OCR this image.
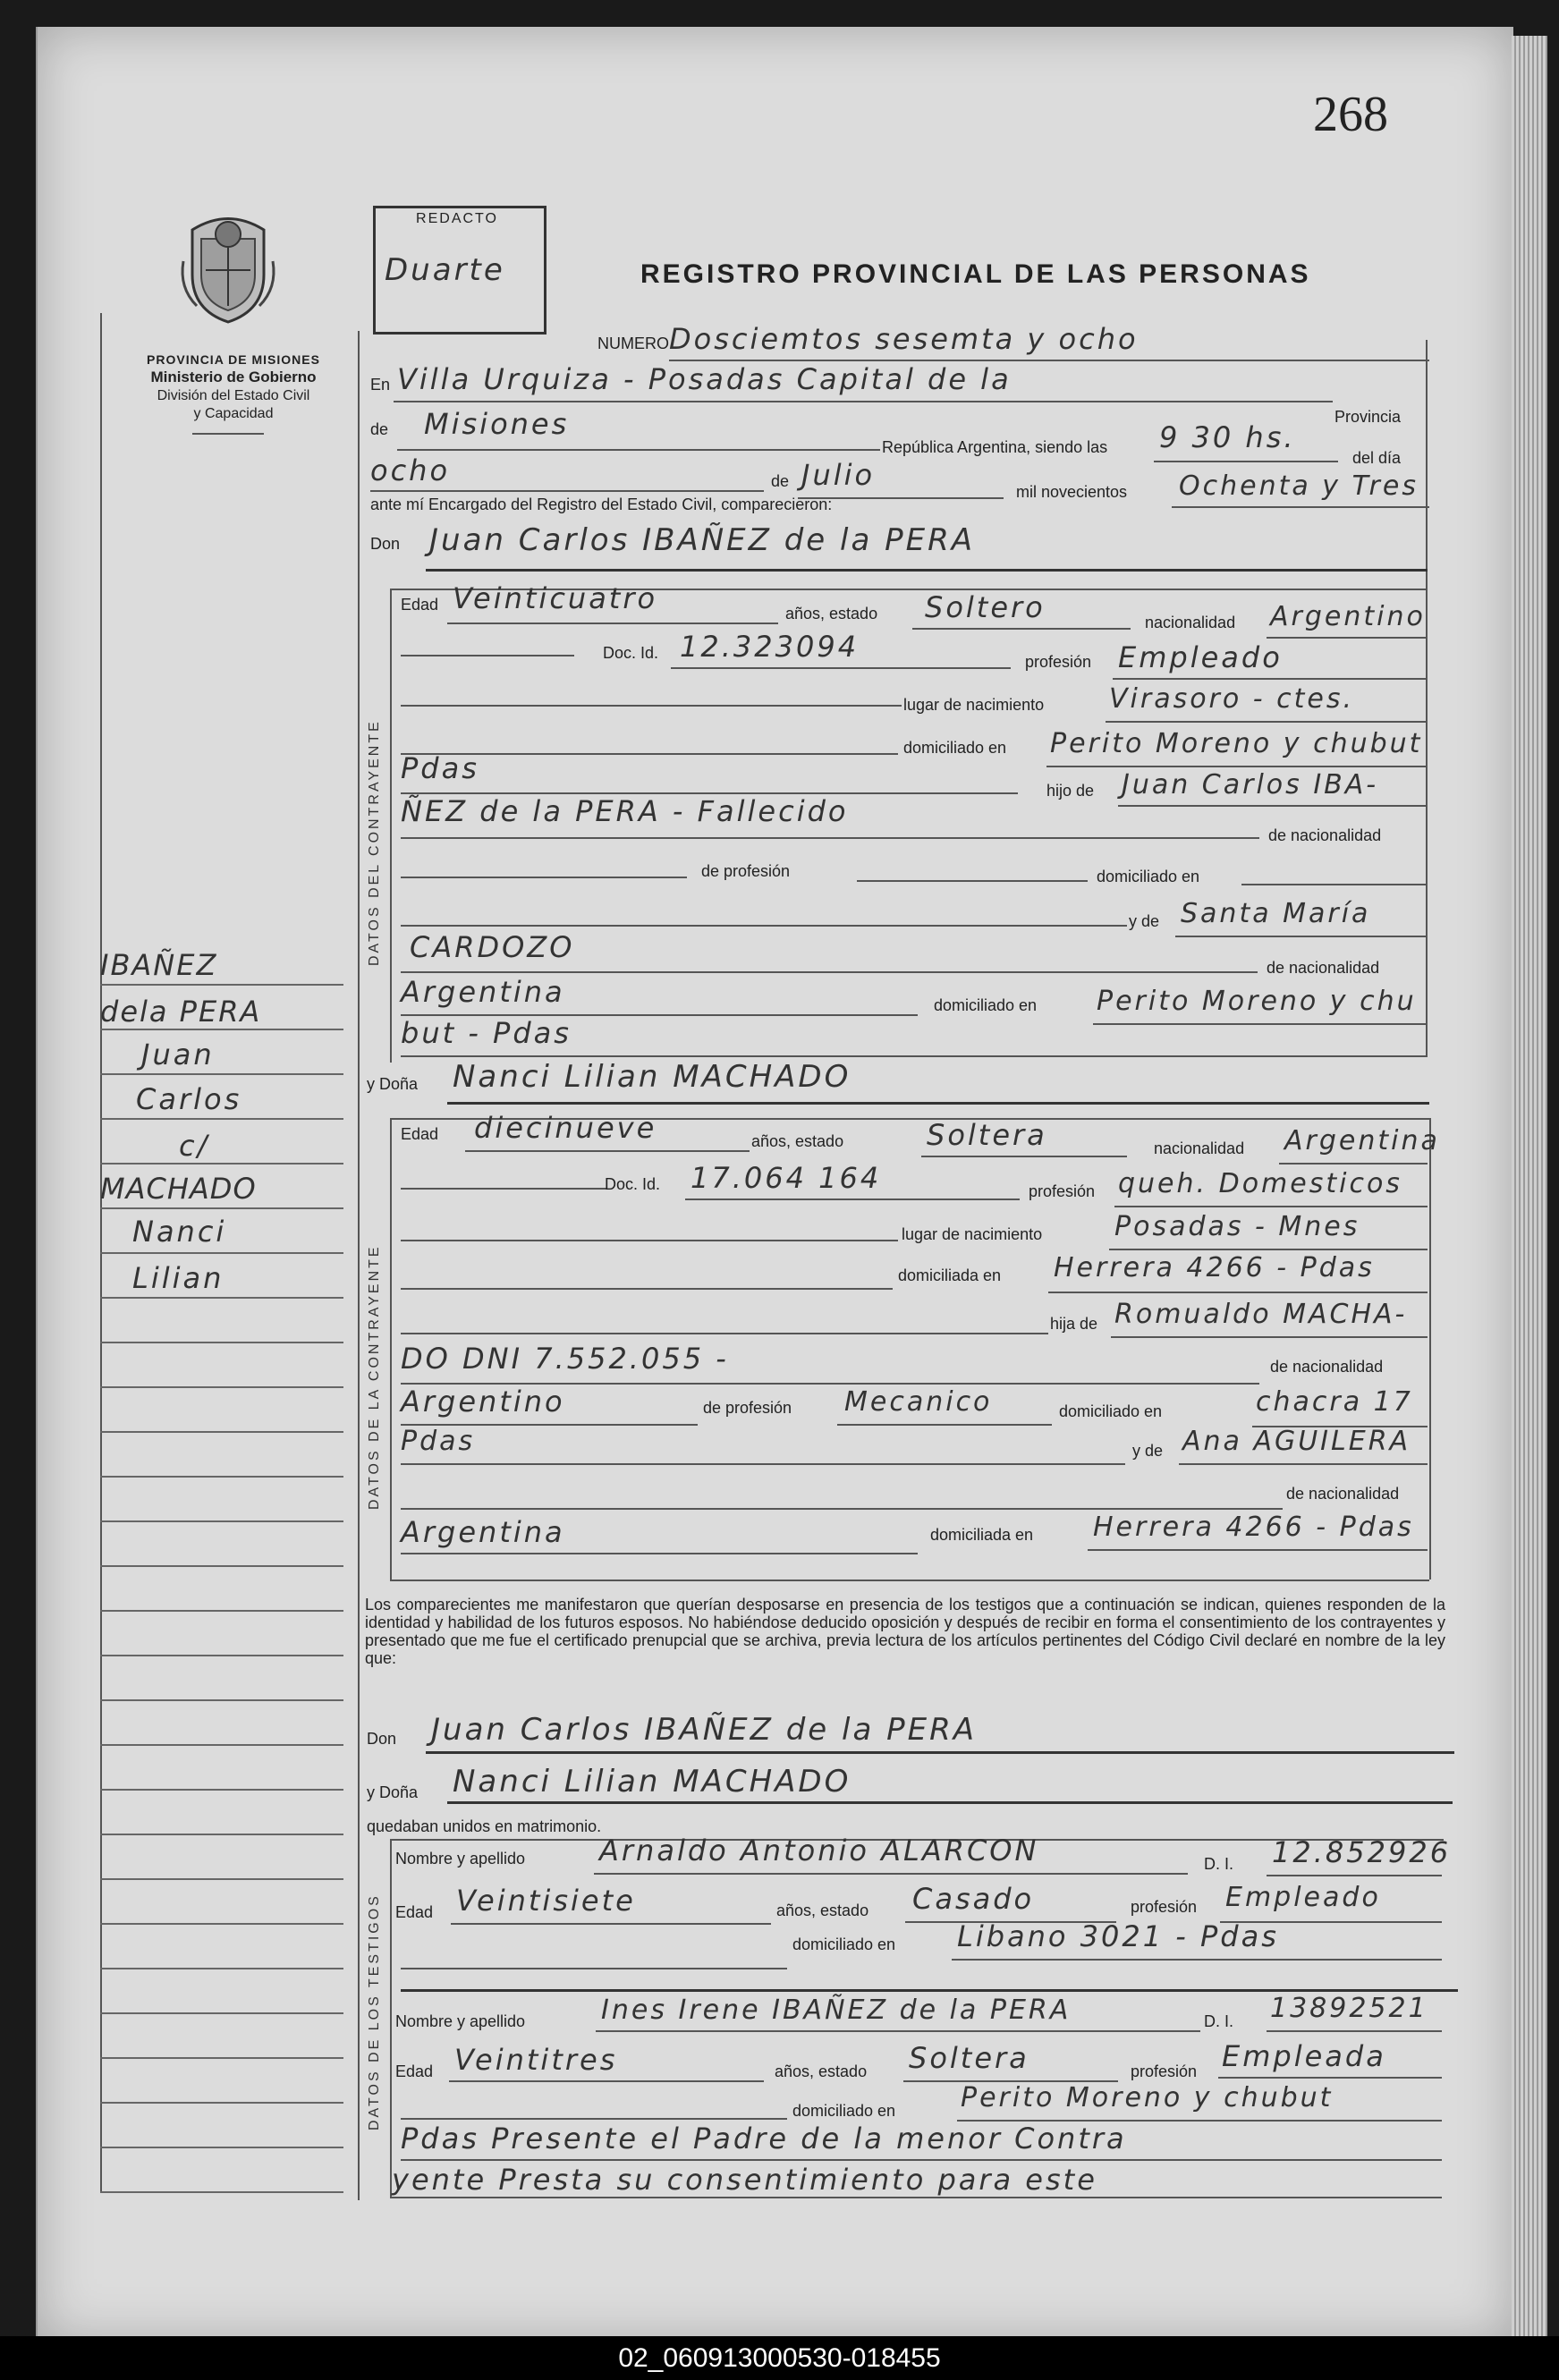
268
PROVINCIA DE MISIONES
Ministerio de Gobierno
División del Estado Civil
y Capacidad
REDACTO
Duarte	REGISTRO PROVINCIAL DE LAS PERSONAS
IBAÑEZ
dela PERA
Juan
Carlos
c/
MACHADO
Nanci
Lilian
NUMERO Dosciemtos sesemta y ocho
En Villa Urquiza - Posadas Capital de la
Provincia
de Misiones
República Argentina, siendo las 9 30 hs.
del día
ocho	de Julio	mil novecientos Ochenta y Tres
ante mí Encargado del Registro del Estado Civil, comparecieron:
Don Juan Carlos IBAÑEZ de la PERA
DATOS DEL CONTRAYENTE
Edad Veinticuatro	años, estado Soltero	nacionalidad Argentino
Doc. Id. 12.323094	profesión Empleado
lugar de nacimiento Virasoro - ctes.
domiciliado en Perito Moreno y chubut
Pdas
hijo de Juan Carlos IBA-
ÑEZ de la PERA - Fallecido
de nacionalidad
de profesión	domiciliado en
y de Santa María
CARDOZO
de nacionalidad
Argentina	domiciliado en Perito Moreno y chu
but - Pdas
y Doña Nanci Lilian MACHADO
DATOS DE LA CONTRAYENTE
Edad diecinueve	años, estado	Soltera	nacionalidad Argentina
Doc. Id. 17.064 164	profesión queh. Domesticos
lugar de nacimiento	Posadas - Mnes
domiciliada en Herrera 4266 - Pdas
hija de Romualdo MACHA-
DO DNI 7.552.055 -	de nacionalidad
Argentino	de profesión Mecanico	domiciliado en	chacra 17
Pdas	y de Ana AGUILERA
de nacionalidad
Argentina	domiciliada en Herrera 4266 - Pdas
Los comparecientes me manifestaron que querían desposarse en presencia de los testigos que a continuación se indican, quienes responden de la identidad y habilidad de los futuros esposos. No habiéndose deducido oposición y después de recibir en forma el consentimiento de los contrayentes y presentado que me fue el certificado prenupcial que se archiva, previa lectura de los artículos pertinentes del Código Civil declaré en nombre de la ley que:
Don Juan Carlos IBAÑEZ de la PERA
y Doña Nanci Lilian MACHADO
quedaban unidos en matrimonio.
DATOS DE LOS TESTIGOS
Nombre y apellido	Arnaldo Antonio ALARCON	D. I. 12.852926
Edad Veintisiete	años, estado Casado	profesión Empleado
domiciliado en Libano 3021 - Pdas
Nombre y apellido	Ines Irene IBAÑEZ de la PERA	D. I. 13892521
Edad Veintitres	años, estado Soltera	profesión Empleada
domiciliado en Perito Moreno y chubut
Pdas Presente el Padre de la menor Contra
yente Presta su consentimiento para este
02_060913000530-018455
